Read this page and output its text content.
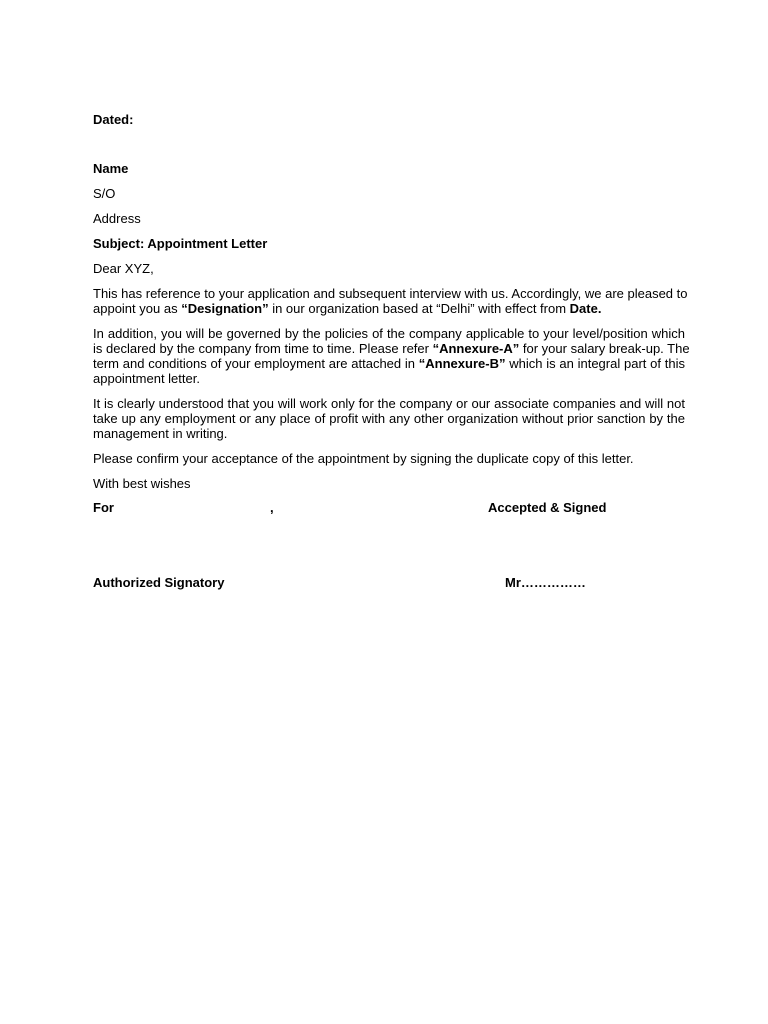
Dated:
Name
S/O
Address
Subject: Appointment Letter
Dear XYZ,
This has reference to your application and subsequent interview with us. Accordingly, we are pleased to
appoint you as “Designation” in our organization based at “Delhi” with effect from Date.
In addition, you will be governed by the policies of the company applicable to your level/position which
is declared by the company from time to time. Please refer “Annexure-A” for your salary break-up. The
term and conditions of your employment are attached in “Annexure-B” which is an integral part of this
appointment letter.
It is clearly understood that you will work only for the company or our associate companies and will not
take up any employment or any place of profit with any other organization without prior sanction by the
management in writing.
Please confirm your acceptance of the appointment by signing the duplicate copy of this letter.
With best wishes
For	,	Accepted & Signed
Authorized Signatory	Mr……………
